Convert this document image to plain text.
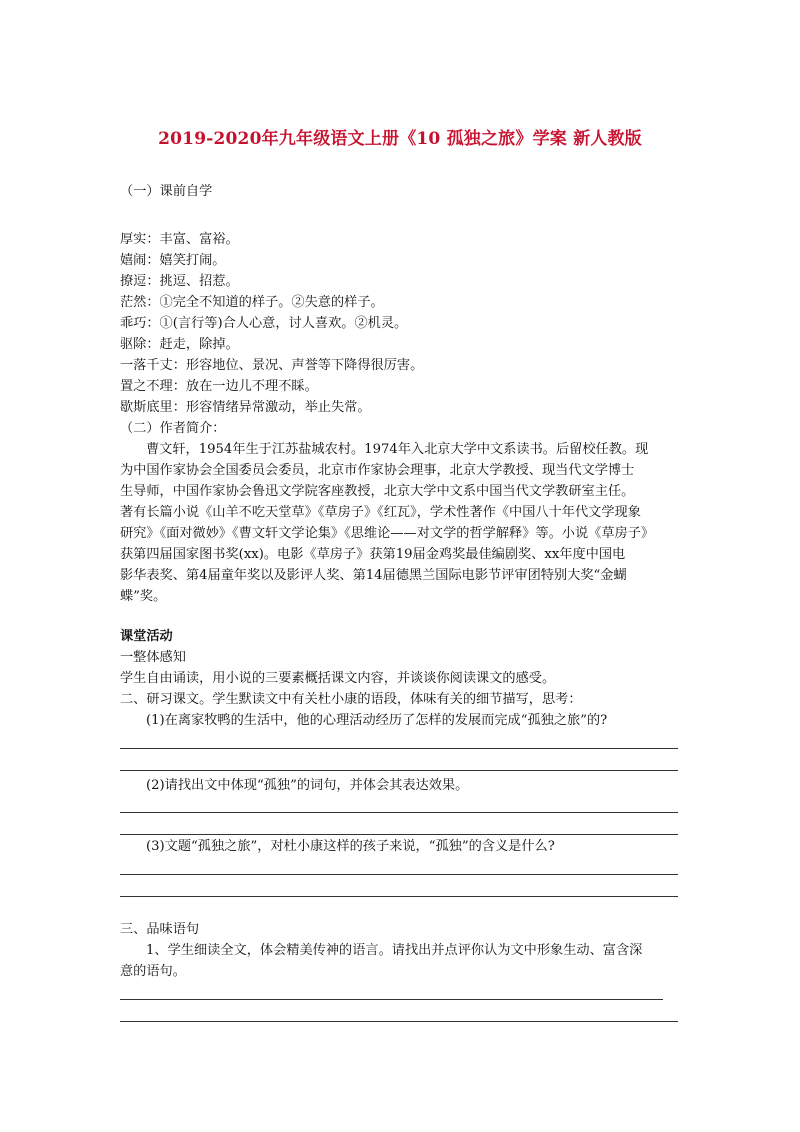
2019-2020年九年级语文上册《10 孤独之旅》学案 新人教版
（一）课前自学
厚实：丰富、富裕。
嬉闹：嬉笑打闹。
撩逗：挑逗、招惹。
茫然：①完全不知道的样子。②失意的样子。
乖巧：①(言行等)合人心意，讨人喜欢。②机灵。
驱除：赶走，除掉。
一落千丈：形容地位、景况、声誉等下降得很厉害。
置之不理：放在一边儿不理不睬。
歇斯底里：形容情绪异常激动，举止失常。
（二）作者简介：
曹文轩，1954年生于江苏盐城农村。1974年入北京大学中文系读书。后留校任教。现
为中国作家协会全国委员会委员，北京市作家协会理事，北京大学教授、现当代文学博士
生导师，中国作家协会鲁迅文学院客座教授，北京大学中文系中国当代文学教研室主任。
著有长篇小说《山羊不吃天堂草》《草房子》《红瓦》，学术性著作《中国八十年代文学现象
研究》《面对微妙》《曹文轩文学论集》《思维论——对文学的哲学解释》等。小说《草房子》
获第四届国家图书奖(xx)。电影《草房子》获第19届金鸡奖最佳编剧奖、xx年度中国电
影华表奖、第4届童年奖以及影评人奖、第14届德黑兰国际电影节评审团特别大奖“金蝴
蝶”奖。
课堂活动
一整体感知
学生自由诵读，用小说的三要素概括课文内容，并谈谈你阅读课文的感受。
二、研习课文。学生默读文中有关杜小康的语段，体味有关的细节描写，思考：
(1)在离家牧鸭的生活中，他的心理活动经历了怎样的发展而完成“孤独之旅”的?
(2)请找出文中体现“孤独”的词句，并体会其表达效果。
(3)文题“孤独之旅”，对杜小康这样的孩子来说，“孤独”的含义是什么?
三、品味语句
1、学生细读全文，体会精美传神的语言。请找出并点评你认为文中形象生动、富含深
意的语句。
